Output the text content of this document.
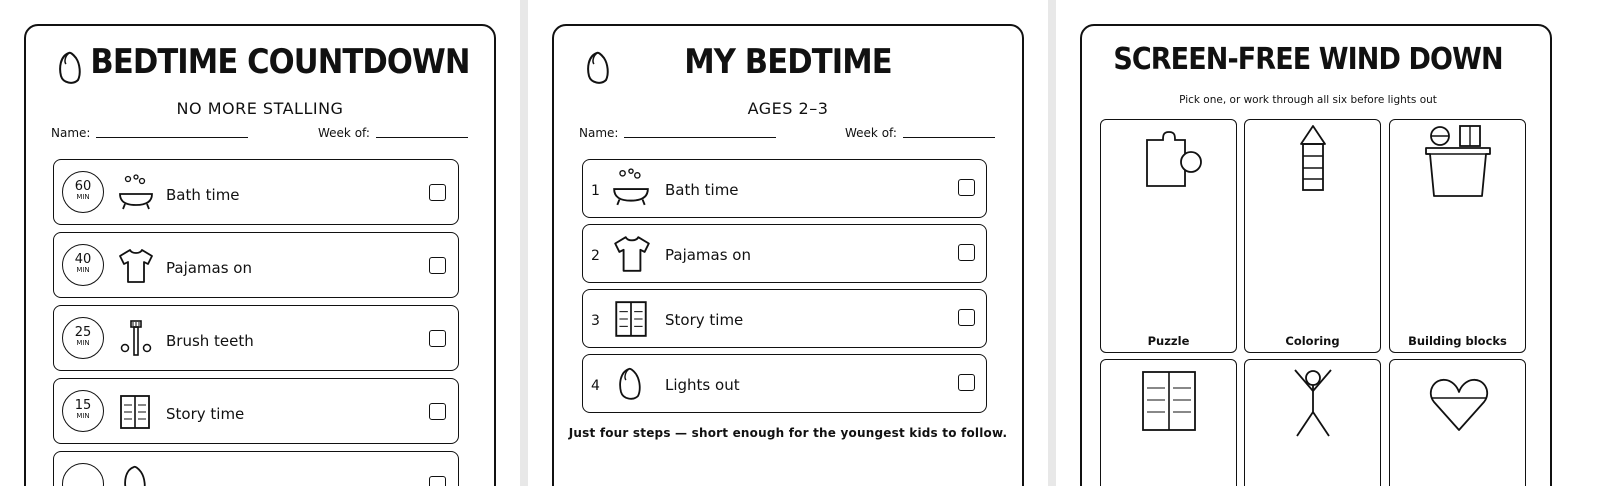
BEDTIME COUNTDOWN
NO MORE STALLING
Name:	Week of:
60
MIN	Bath time
40
MIN	Pajamas on
25
MIN	Brush teeth
15
MIN	Story time
MY BEDTIME
AGES 2–3
Name:	Week of:
1	Bath time
2	Pajamas on
3	Story time
4	Lights out
Just four steps — short enough for the youngest kids to follow.
SCREEN-FREE WIND DOWN
Pick one, or work through all six before lights out
Puzzle	Coloring	Building blocks
